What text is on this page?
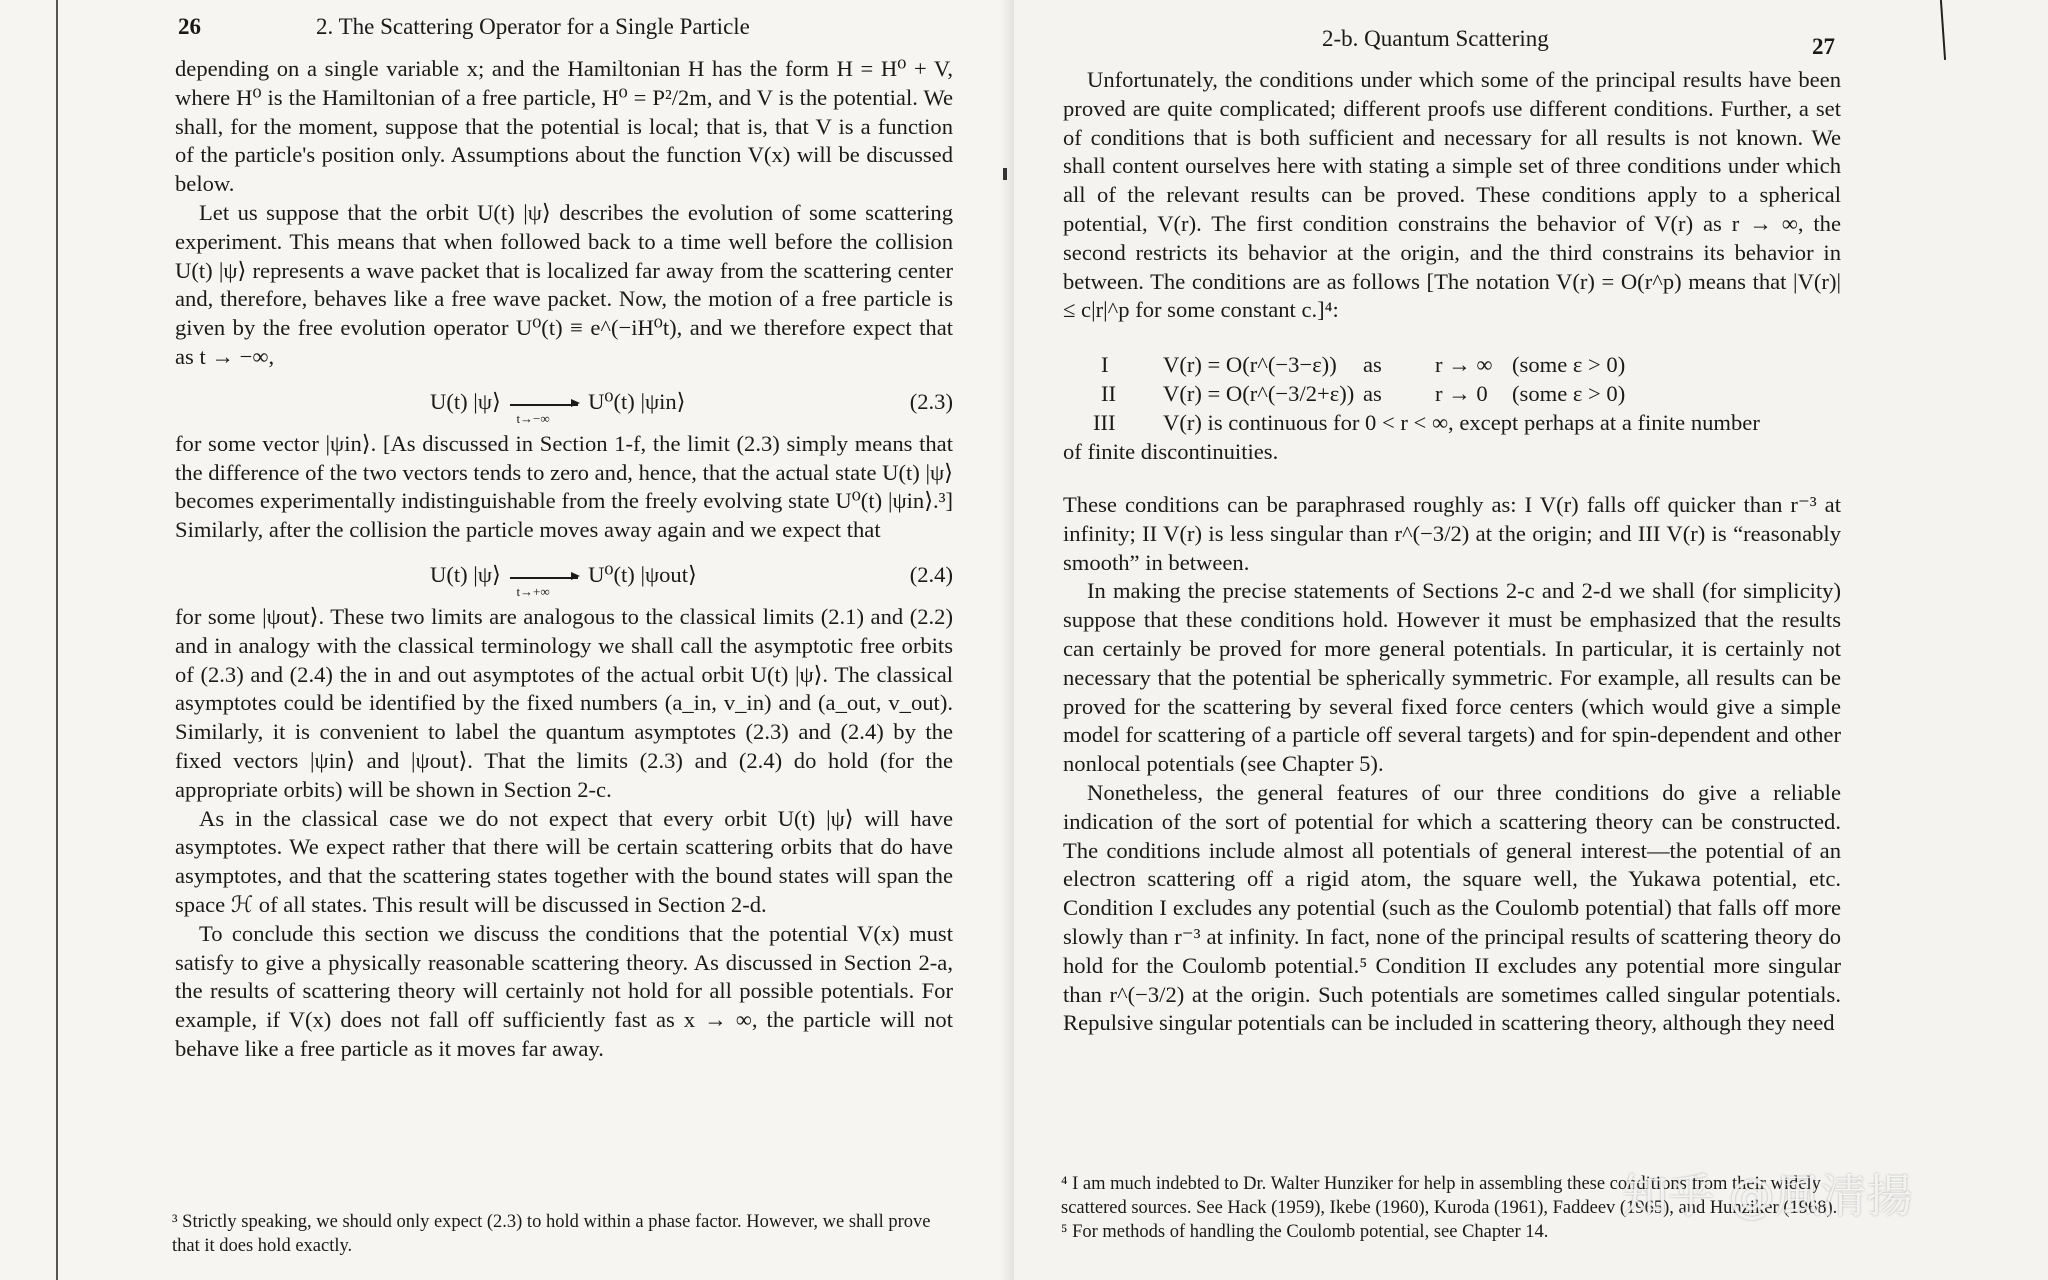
26	2. The Scattering Operator for a Single Particle

depending on a single variable x; and the Hamiltonian H has the form H = H⁰ + V, where H⁰ is the Hamiltonian of a free particle, H⁰ = P²/2m, and V is the potential. We shall, for the moment, suppose that the potential is local; that is, that V is a function of the particle's position only. Assumptions about the function V(x) will be discussed below.

Let us suppose that the orbit U(t) |ψ⟩ describes the evolution of some scattering experiment. This means that when followed back to a time well before the collision U(t) |ψ⟩ represents a wave packet that is localized far away from the scattering center and, therefore, behaves like a free wave packet. Now, the motion of a free particle is given by the free evolution operator U⁰(t) ≡ e^(−iH⁰t), and we therefore expect that as t → −∞,

U(t) |ψ⟩
t→−∞
U⁰(t) |ψin⟩	(2.3)

for some vector |ψin⟩. [As discussed in Section 1-f, the limit (2.3) simply means that the difference of the two vectors tends to zero and, hence, that the actual state U(t) |ψ⟩ becomes experimentally indistinguishable from the freely evolving state U⁰(t) |ψin⟩.³] Similarly, after the collision the particle moves away again and we expect that

U(t) |ψ⟩
t→+∞
U⁰(t) |ψout⟩	(2.4)

for some |ψout⟩. These two limits are analogous to the classical limits (2.1) and (2.2) and in analogy with the classical terminology we shall call the asymptotic free orbits of (2.3) and (2.4) the in and out asymptotes of the actual orbit U(t) |ψ⟩. The classical asymptotes could be identified by the fixed numbers (a_in, v_in) and (a_out, v_out). Similarly, it is convenient to label the quantum asymptotes (2.3) and (2.4) by the fixed vectors |ψin⟩ and |ψout⟩. That the limits (2.3) and (2.4) do hold (for the appropriate orbits) will be shown in Section 2-c.

As in the classical case we do not expect that every orbit U(t) |ψ⟩ will have asymptotes. We expect rather that there will be certain scattering orbits that do have asymptotes, and that the scattering states together with the bound states will span the space ℋ of all states. This result will be discussed in Section 2-d.

To conclude this section we discuss the conditions that the potential V(x) must satisfy to give a physically reasonable scattering theory. As discussed in Section 2-a, the results of scattering theory will certainly not hold for all possible potentials. For example, if V(x) does not fall off sufficiently fast as x → ∞, the particle will not behave like a free particle as it moves far away.

³ Strictly speaking, we should only expect (2.3) to hold within a phase factor. However, we shall prove that it does hold exactly.
2-b. Quantum Scattering	27

Unfortunately, the conditions under which some of the principal results have been proved are quite complicated; different proofs use different conditions. Further, a set of conditions that is both sufficient and necessary for all results is not known. We shall content ourselves here with stating a simple set of three conditions under which all of the relevant results can be proved. These conditions apply to a spherical potential, V(r). The first condition constrains the behavior of V(r) as r → ∞, the second restricts its behavior at the origin, and the third constrains its behavior in between. The conditions are as follows [The notation V(r) = O(r^p) means that |V(r)| ≤ c|r|^p for some constant c.]⁴:

I V(r) = O(r^(−3−ε)) as r → ∞ (some ε > 0)
II V(r) = O(r^(−3/2+ε)) as r → 0 (some ε > 0)
III V(r) is continuous for 0 < r < ∞, except perhaps at a finite number

of finite discontinuities.

These conditions can be paraphrased roughly as: I V(r) falls off quicker than r⁻³ at infinity; II V(r) is less singular than r^(−3/2) at the origin; and III V(r) is “reasonably smooth” in between.

In making the precise statements of Sections 2-c and 2-d we shall (for simplicity) suppose that these conditions hold. However it must be emphasized that the results can certainly be proved for more general potentials. In particular, it is certainly not necessary that the potential be spherically symmetric. For example, all results can be proved for the scattering by several fixed force centers (which would give a simple model for scattering of a particle off several targets) and for spin-dependent and other nonlocal potentials (see Chapter 5).

Nonetheless, the general features of our three conditions do give a reliable indication of the sort of potential for which a scattering theory can be constructed. The conditions include almost all potentials of general interest—the potential of an electron scattering off a rigid atom, the square well, the Yukawa potential, etc. Condition I excludes any potential (such as the Coulomb potential) that falls off more slowly than r⁻³ at infinity. In fact, none of the principal results of scattering theory do hold for the Coulomb potential.⁵ Condition II excludes any potential more singular than r^(−3/2) at the origin. Such potentials are sometimes called singular potentials. Repulsive singular potentials can be included in scattering theory, although they need

⁴ I am much indebted to Dr. Walter Hunziker for help in assembling these conditions from their widely scattered sources. See Hack (1959), Ikebe (1960), Kuroda (1961), Faddeev (1965), and Hunziker (1968).

⁵ For methods of handling the Coulomb potential, see Chapter 14.

知乎 @風清揚
